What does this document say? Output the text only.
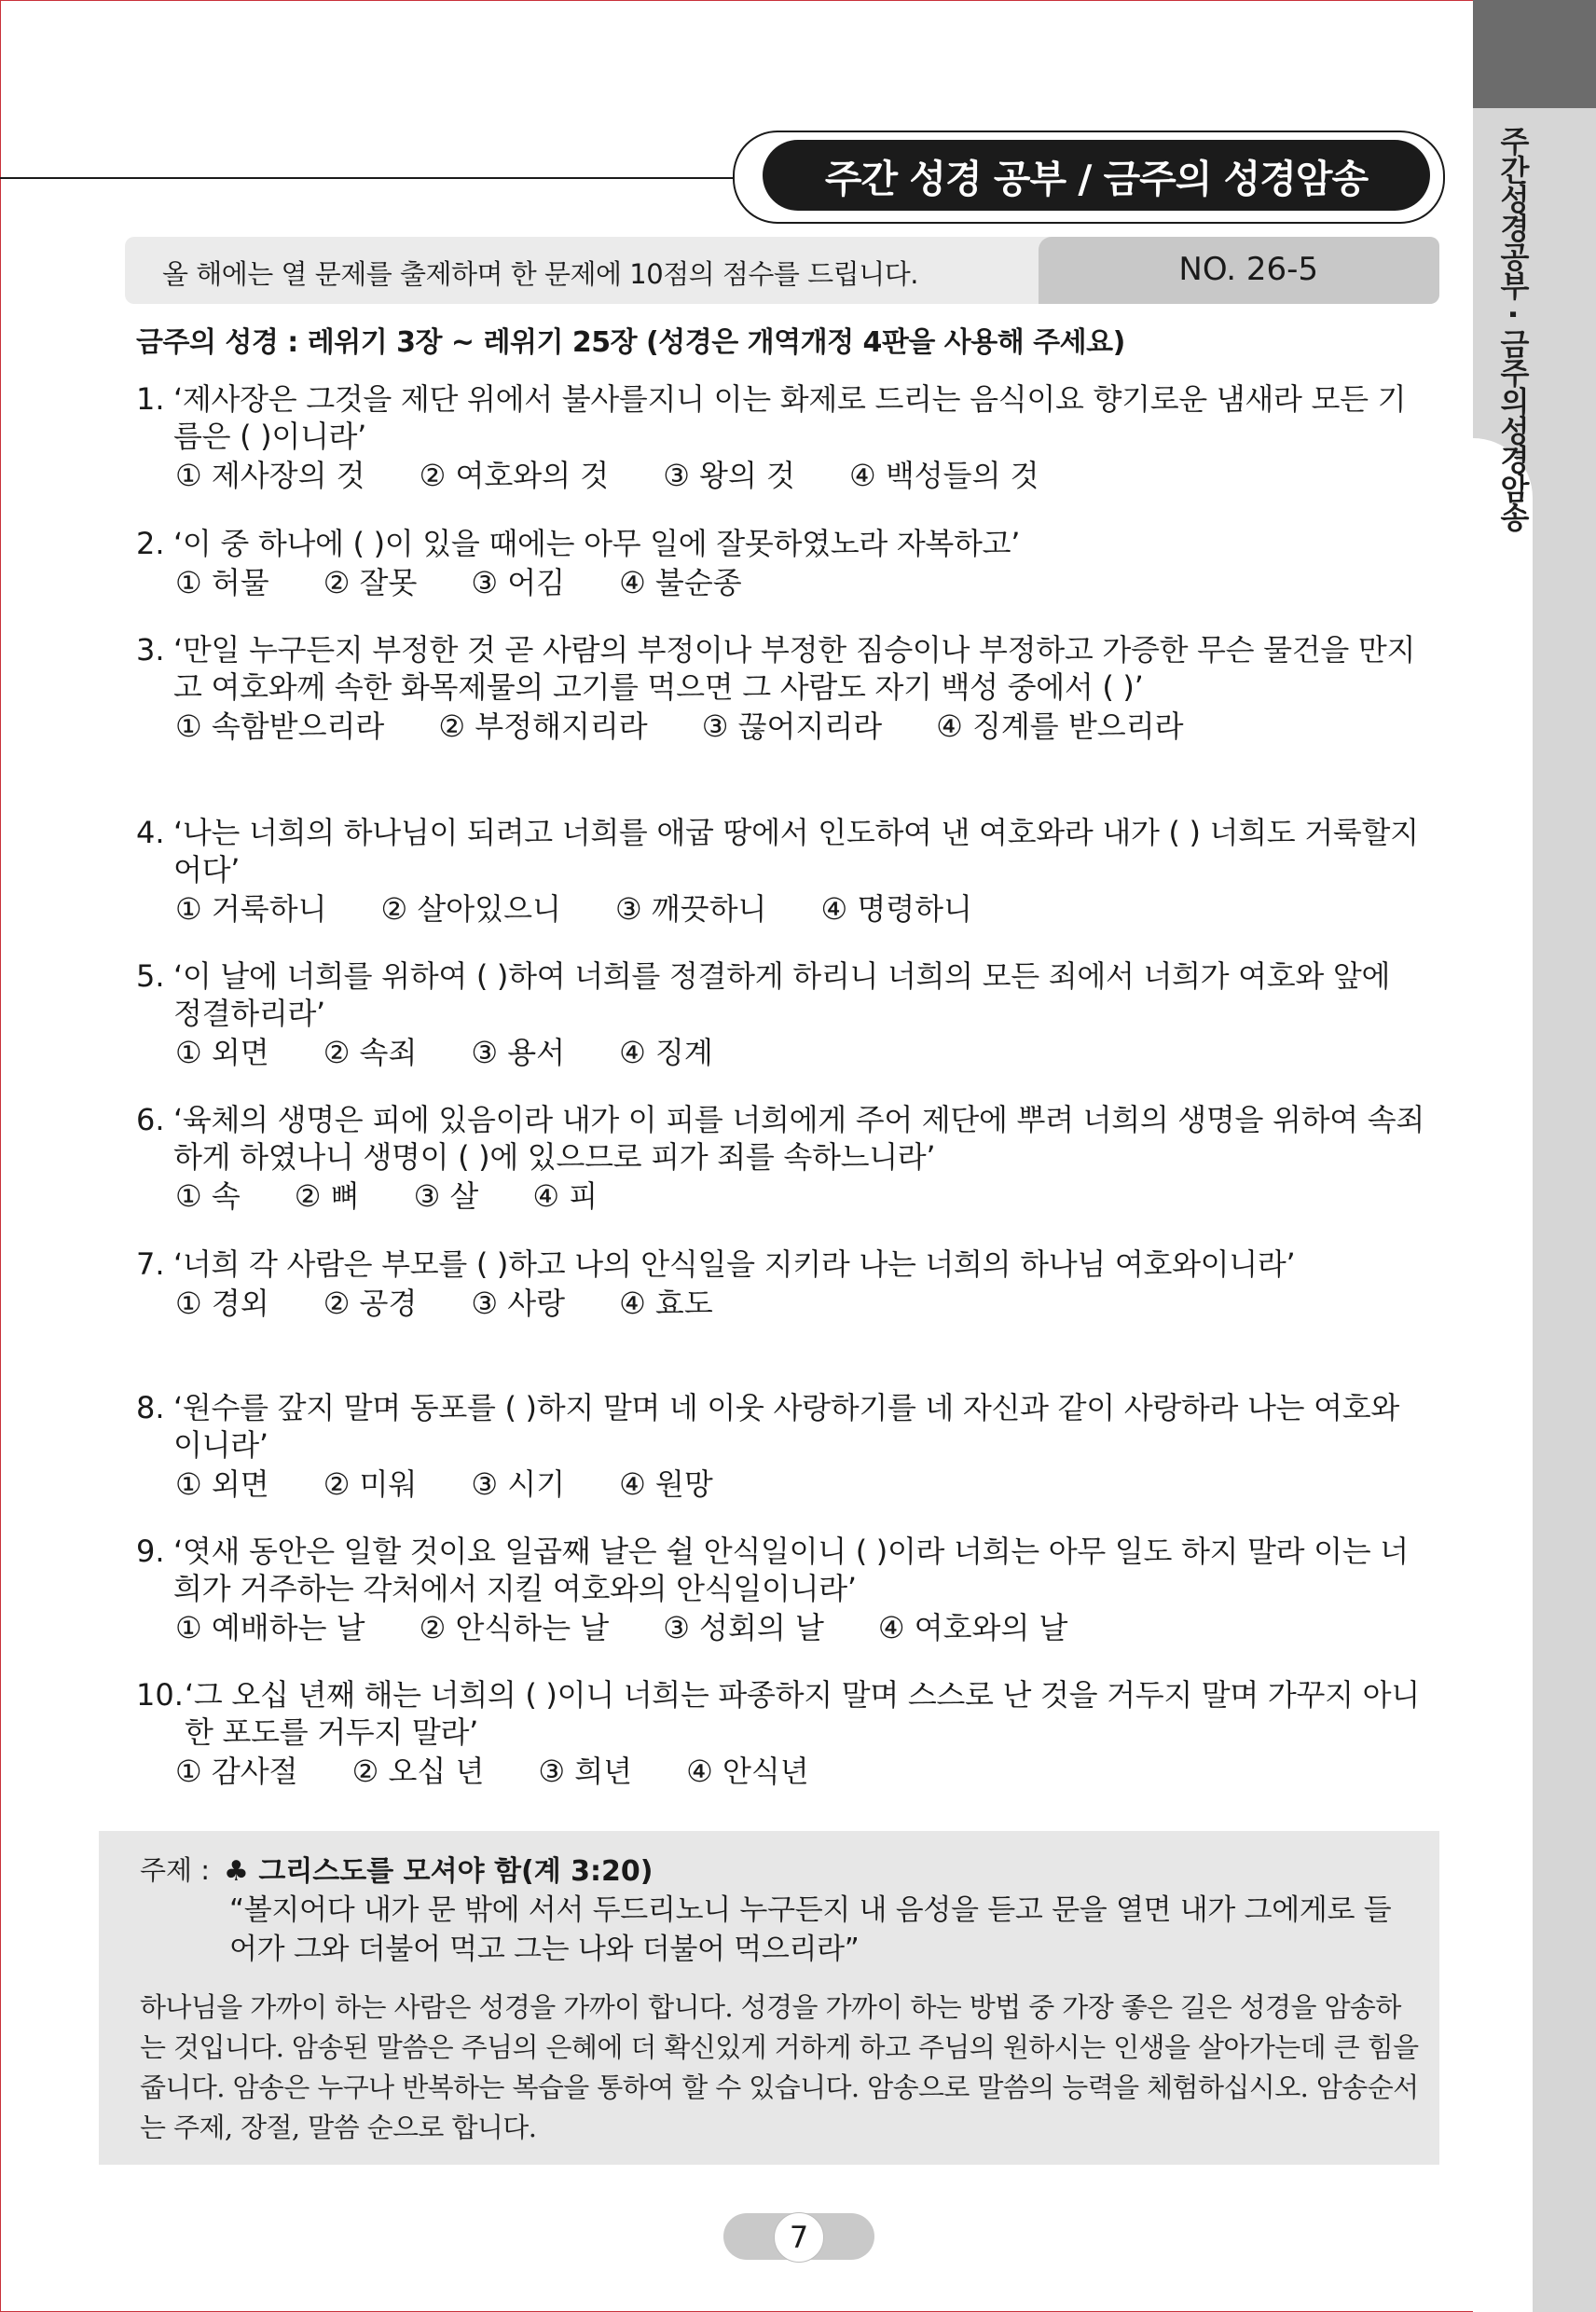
주간성경공부 · 금주의성경암송
주간 성경 공부 / 금주의 성경암송
올 해에는 열 문제를 출제하며 한 문제에 10점의 점수를 드립니다.	NO. 26-5
금주의 성경 : 레위기 3장 ~ 레위기 25장 (성경은 개역개정 4판을 사용해 주세요)
1. ‘제사장은 그것을 제단 위에서 불사를지니 이는 화제로 드리는 음식이요 향기로운 냄새라 모든 기름은 ( )이니라’
① 제사장의 것 ② 여호와의 것 ③ 왕의 것 ④ 백성들의 것
2. ‘이 중 하나에 ( )이 있을 때에는 아무 일에 잘못하였노라 자복하고’
① 허물 ② 잘못 ③ 어김 ④ 불순종
3. ‘만일 누구든지 부정한 것 곧 사람의 부정이나 부정한 짐승이나 부정하고 가증한 무슨 물건을 만지고 여호와께 속한 화목제물의 고기를 먹으면 그 사람도 자기 백성 중에서 ( )’
① 속함받으리라 ② 부정해지리라 ③ 끊어지리라 ④ 징계를 받으리라
4. ‘나는 너희의 하나님이 되려고 너희를 애굽 땅에서 인도하여 낸 여호와라 내가 ( ) 너희도 거룩할지어다’
① 거룩하니 ② 살아있으니 ③ 깨끗하니 ④ 명령하니
5. ‘이 날에 너희를 위하여 ( )하여 너희를 정결하게 하리니 너희의 모든 죄에서 너희가 여호와 앞에 정결하리라’
① 외면 ② 속죄 ③ 용서 ④ 징계
6. ‘육체의 생명은 피에 있음이라 내가 이 피를 너희에게 주어 제단에 뿌려 너희의 생명을 위하여 속죄하게 하였나니 생명이 ( )에 있으므로 피가 죄를 속하느니라’
① 속 ② 뼈 ③ 살 ④ 피
7. ‘너희 각 사람은 부모를 ( )하고 나의 안식일을 지키라 나는 너희의 하나님 여호와이니라’
① 경외 ② 공경 ③ 사랑 ④ 효도
8. ‘원수를 갚지 말며 동포를 ( )하지 말며 네 이웃 사랑하기를 네 자신과 같이 사랑하라 나는 여호와이니라’
① 외면 ② 미워 ③ 시기 ④ 원망
9. ‘엿새 동안은 일할 것이요 일곱째 날은 쉴 안식일이니 ( )이라 너희는 아무 일도 하지 말라 이는 너희가 거주하는 각처에서 지킬 여호와의 안식일이니라’
① 예배하는 날 ② 안식하는 날 ③ 성회의 날 ④ 여호와의 날
10. ‘그 오십 년째 해는 너희의 ( )이니 너희는 파종하지 말며 스스로 난 것을 거두지 말며 가꾸지 아니한 포도를 거두지 말라’
① 감사절 ② 오십 년 ③ 희년 ④ 안식년
주제 : ♣ 그리스도를 모셔야 함(계 3:20)
“볼지어다 내가 문 밖에 서서 두드리노니 누구든지 내 음성을 듣고 문을 열면 내가 그에게로 들어가 그와 더불어 먹고 그는 나와 더불어 먹으리라”
하나님을 가까이 하는 사람은 성경을 가까이 합니다. 성경을 가까이 하는 방법 중 가장 좋은 길은 성경을 암송하는 것입니다. 암송된 말씀은 주님의 은혜에 더 확신있게 거하게 하고 주님의 원하시는 인생을 살아가는데 큰 힘을 줍니다. 암송은 누구나 반복하는 복습을 통하여 할 수 있습니다. 암송으로 말씀의 능력을 체험하십시오. 암송순서는 주제, 장절, 말씀 순으로 합니다.
7
